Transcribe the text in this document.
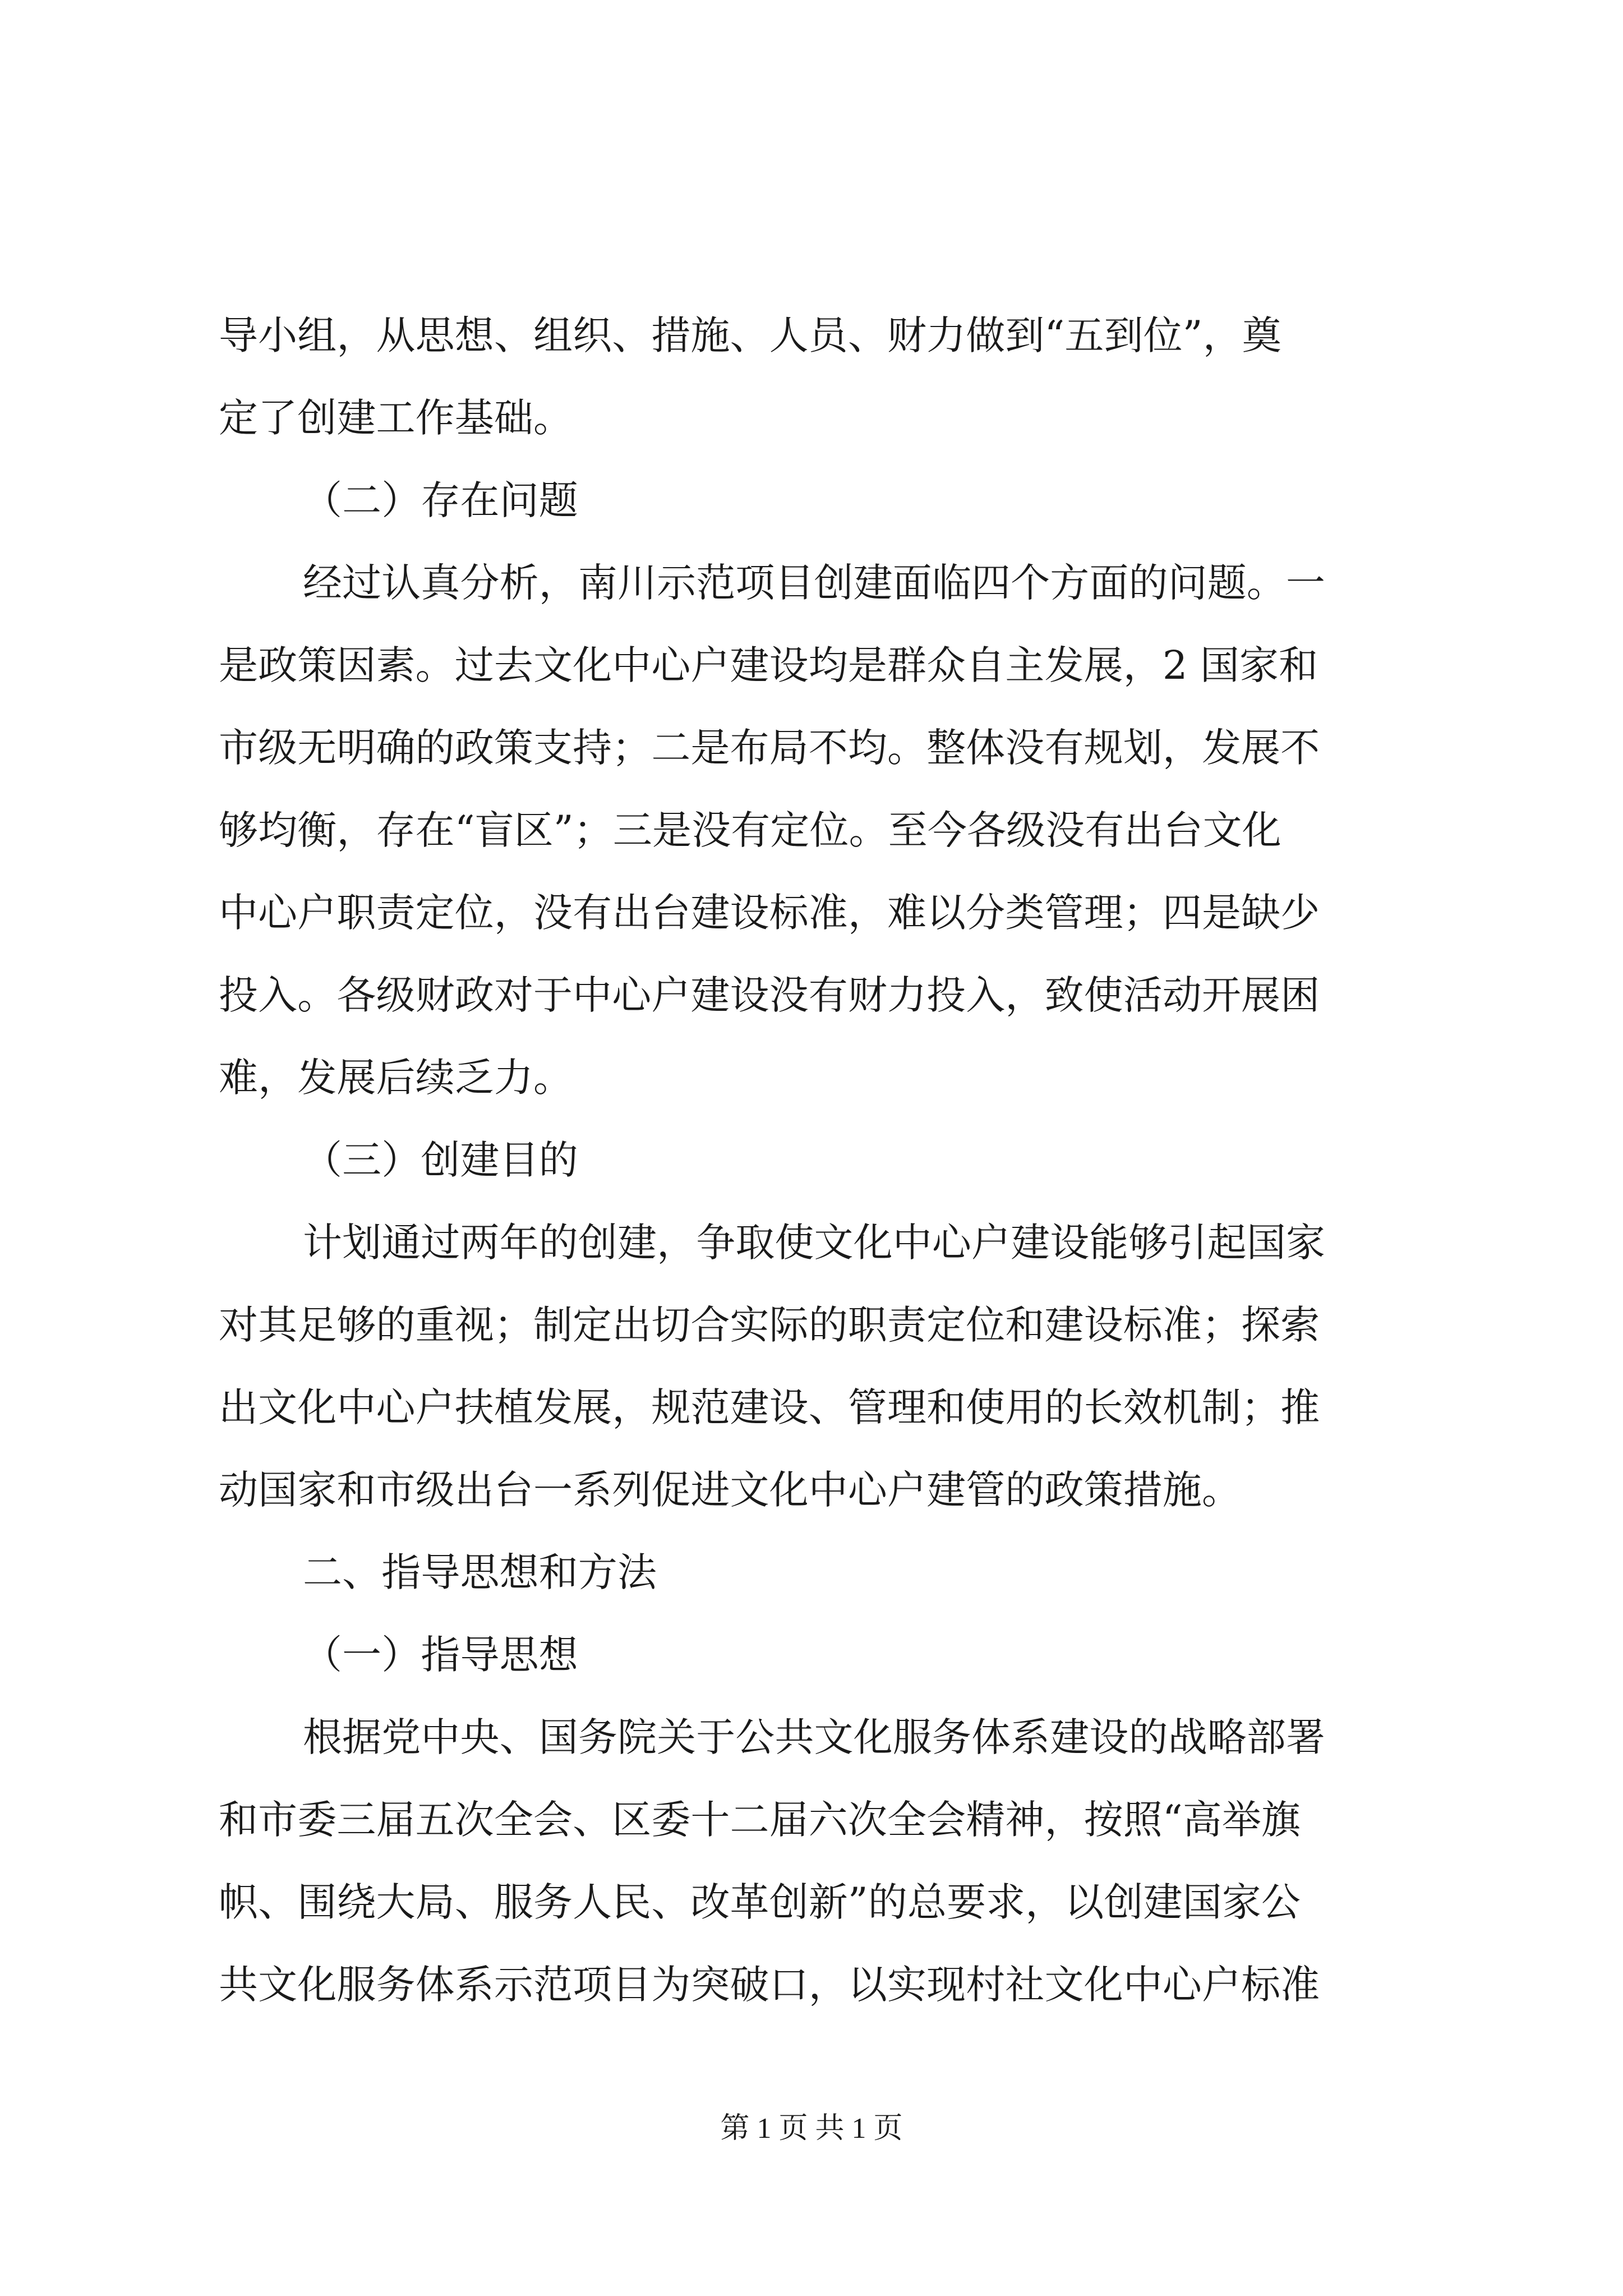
导小组，从思想、组织、措施、人员、财力做到“五到位”，奠
定了创建工作基础。
（二）存在问题
经过认真分析，南川示范项目创建面临四个方面的问题。一
是政策因素。过去文化中心户建设均是群众自主发展，2 国家和
市级无明确的政策支持；二是布局不均。整体没有规划，发展不
够均衡，存在“盲区”；三是没有定位。至今各级没有出台文化
中心户职责定位，没有出台建设标准，难以分类管理；四是缺少
投入。各级财政对于中心户建设没有财力投入，致使活动开展困
难，发展后续乏力。
（三）创建目的
计划通过两年的创建，争取使文化中心户建设能够引起国家
对其足够的重视；制定出切合实际的职责定位和建设标准；探索
出文化中心户扶植发展，规范建设、管理和使用的长效机制；推
动国家和市级出台一系列促进文化中心户建管的政策措施。
二、指导思想和方法
（一）指导思想
根据党中央、国务院关于公共文化服务体系建设的战略部署
和市委三届五次全会、区委十二届六次全会精神，按照“高举旗
帜、围绕大局、服务人民、改革创新”的总要求，以创建国家公
共文化服务体系示范项目为突破口，以实现村社文化中心户标准
第 1 页 共 1 页
